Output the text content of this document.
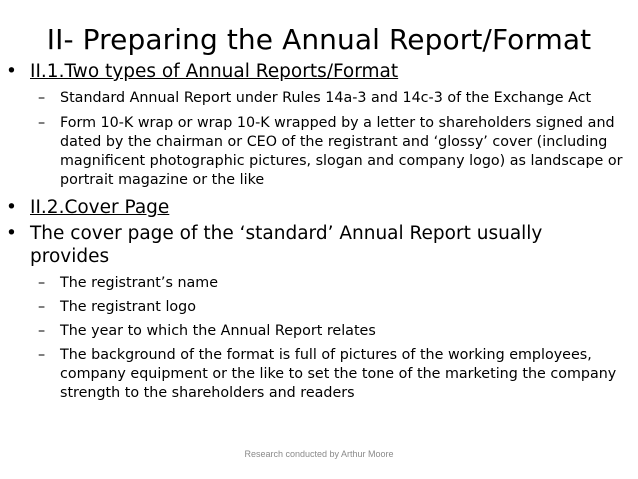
II- Preparing the Annual Report/Format
• II.1.Two types of Annual Reports/Format
– Standard Annual Report under Rules 14a-3 and 14c-3 of the Exchange Act
– Form 10-K wrap or wrap 10-K wrapped by a letter to shareholders signed and dated by the chairman or CEO of the registrant and ‘glossy’ cover (including magnificent photographic pictures, slogan and company logo) as landscape or portrait magazine or the like
• II.2.Cover Page
• The cover page of the ‘standard’ Annual Report usually provides
– The registrant’s name
– The registrant logo
– The year to which the Annual Report relates
– The background of the format is full of pictures of the working employees, company equipment or the like to set the tone of the marketing the company strength to the shareholders and readers
Research conducted by Arthur Moore
